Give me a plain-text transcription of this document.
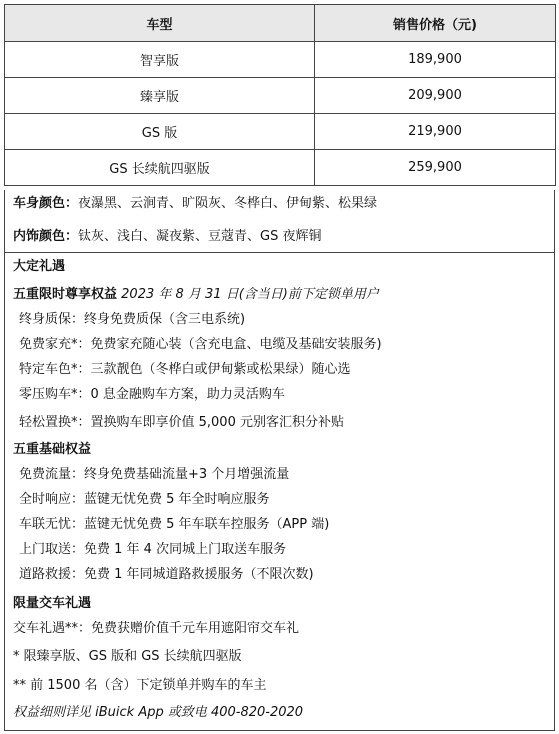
车型	销售价格（元)
智享版	189,900
臻享版	209,900
GS 版	219,900
GS 长续航四驱版	259,900
车身颜色：夜瀑黑、云涧青、旷陨灰、冬桦白、伊甸紫、松果绿
内饰颜色：钛灰、浅白、凝夜紫、豆蔻青、GS 夜辉铜
大定礼遇
五重限时尊享权益 2023 年 8 月 31 日(含当日)前下定锁单用户
终身质保：终身免费质保（含三电系统)
免费家充*：免费家充随心装（含充电盒、电缆及基础安装服务)
特定车色*：三款靓色（冬桦白或伊甸紫或松果绿）随心选
零压购车*：0 息金融购车方案，助力灵活购车
轻松置换*：置换购车即享价值 5,000 元别客汇积分补贴
五重基础权益
免费流量：终身免费基础流量+3 个月增强流量
全时响应：蓝键无忧免费 5 年全时响应服务
车联无忧：蓝键无忧免费 5 年车联车控服务（APP 端)
上门取送：免费 1 年 4 次同城上门取送车服务
道路救援：免费 1 年同城道路救援服务（不限次数)
限量交车礼遇
交车礼遇**：免费获赠价值千元车用遮阳帘交车礼
* 限臻享版、GS 版和 GS 长续航四驱版
** 前 1500 名（含）下定锁单并购车的车主
权益细则详见 iBuick App 或致电 400-820-2020
